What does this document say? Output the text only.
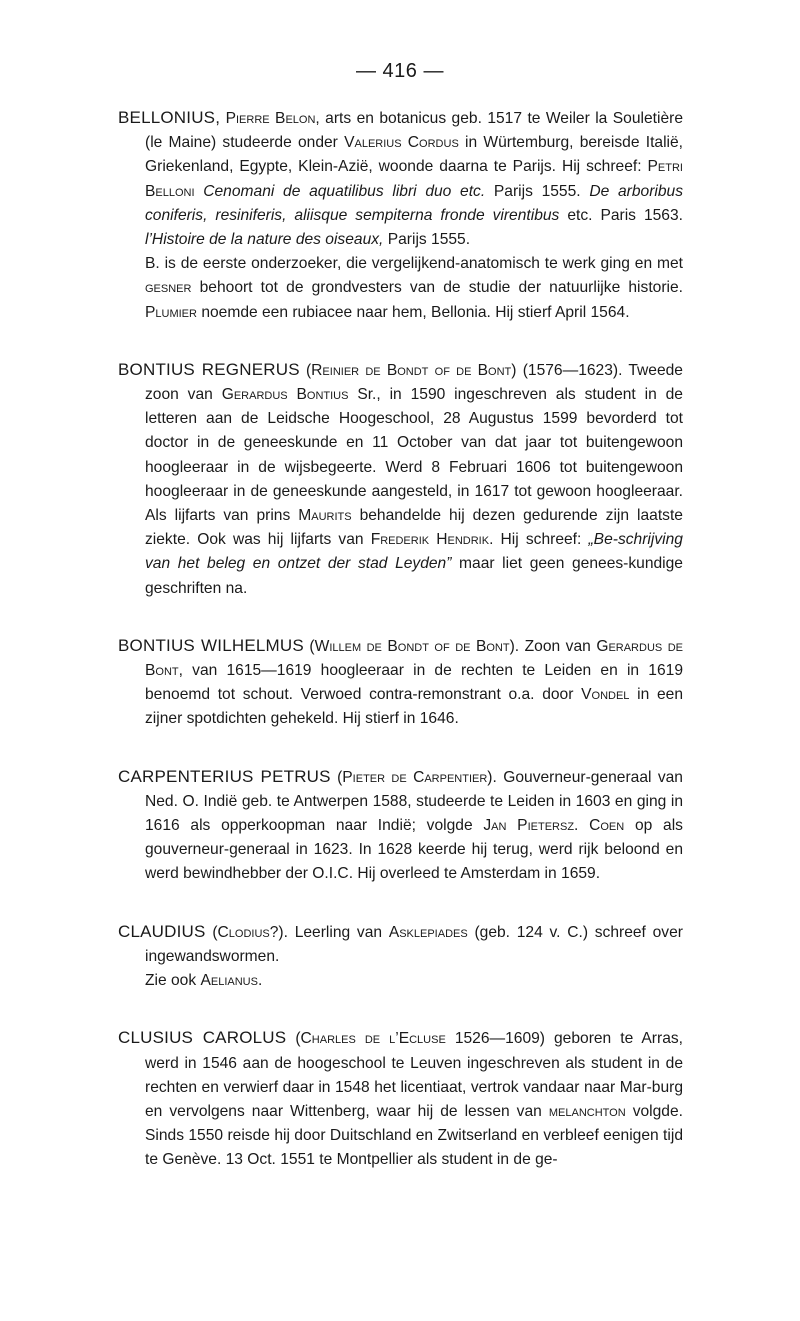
— 416 —

BELLONIUS, Pierre Belon, arts en botanicus geb. 1517 te Weiler la Souletière (le Maine) studeerde onder Valerius Cordus in Würtemburg, bereisde Italië, Griekenland, Egypte, Klein-Azië, woonde daarna te Parijs. Hij schreef: Petri Belloni Cenomani de aquatilibus libri duo etc. Parijs 1555. De arboribus coniferis, resiniferis, aliisque sempiterna fronde virentibus etc. Paris 1563. l’Histoire de la nature des oiseaux, Parijs 1555.
B. is de eerste onderzoeker, die vergelijkend-anatomisch te werk ging en met gesner behoort tot de grondvesters van de studie der natuurlijke historie. Plumier noemde een rubiacee naar hem, Bellonia. Hij stierf April 1564.

BONTIUS REGNERUS (Reinier de Bondt of de Bont) (1576—1623). Tweede zoon van Gerardus Bontius Sr., in 1590 ingeschreven als student in de letteren aan de Leidsche Hoogeschool, 28 Augustus 1599 bevorderd tot doctor in de geneeskunde en 11 October van dat jaar tot buitengewoon hoogleeraar in de wijsbegeerte. Werd 8 Februari 1606 tot buitengewoon hoogleeraar in de geneeskunde aangesteld, in 1617 tot gewoon hoogleeraar. Als lijfarts van prins Maurits behandelde hij dezen gedurende zijn laatste ziekte. Ook was hij lijfarts van Frederik Hendrik. Hij schreef: „Be-schrijving van het beleg en ontzet der stad Leyden” maar liet geen genees-kundige geschriften na.

BONTIUS WILHELMUS (Willem de Bondt of de Bont). Zoon van Gerardus de Bont, van 1615—1619 hoogleeraar in de rechten te Leiden en in 1619 benoemd tot schout. Verwoed contra-remonstrant o.a. door Vondel in een zijner spotdichten gehekeld. Hij stierf in 1646.

CARPENTERIUS PETRUS (Pieter de Carpentier). Gouverneur-generaal van Ned. O. Indië geb. te Antwerpen 1588, studeerde te Leiden in 1603 en ging in 1616 als opperkoopman naar Indië; volgde Jan Pietersz. Coen op als gouverneur-generaal in 1623. In 1628 keerde hij terug, werd rijk beloond en werd bewindhebber der O.I.C. Hij overleed te Amsterdam in 1659.

CLAUDIUS (Clodius?). Leerling van Asklepiades (geb. 124 v. C.) schreef over ingewandswormen.
Zie ook Aelianus.

CLUSIUS CAROLUS (Charles de l’Ecluse 1526—1609) geboren te Arras, werd in 1546 aan de hoogeschool te Leuven ingeschreven als student in de rechten en verwierf daar in 1548 het licentiaat, vertrok vandaar naar Mar-burg en vervolgens naar Wittenberg, waar hij de lessen van melanchton volgde. Sinds 1550 reisde hij door Duitschland en Zwitserland en verbleef eenigen tijd te Genève. 13 Oct. 1551 te Montpellier als student in de ge-
